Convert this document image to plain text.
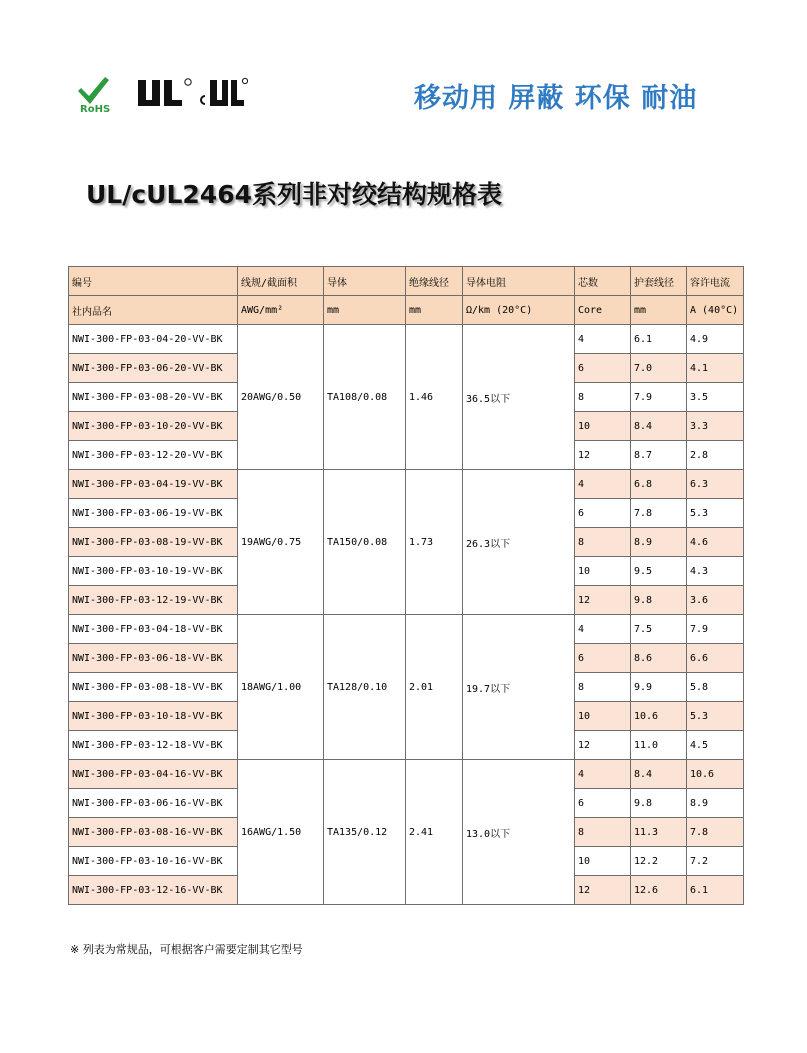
RoHS	移动用 屏蔽 环保 耐油
UL/cUL2464系列非对绞结构规格表
编号	线规/截面积	导体	绝缘线径	导体电阻	芯数	护套线径	容许电流
社内品名	AWG/mm²	mm	mm	Ω/km (20°C)	Core	mm	A (40°C)
NWI-300-FP-03-04-20-VV-BK	20AWG/0.50	TA108/0.08	1.46	36.5以下	4	6.1	4.9
NWI-300-FP-03-06-20-VV-BK					6	7.0	4.1
NWI-300-FP-03-08-20-VV-BK					8	7.9	3.5
NWI-300-FP-03-10-20-VV-BK					10	8.4	3.3
NWI-300-FP-03-12-20-VV-BK					12	8.7	2.8
NWI-300-FP-03-04-19-VV-BK	19AWG/0.75	TA150/0.08	1.73	26.3以下	4	6.8	6.3
NWI-300-FP-03-06-19-VV-BK					6	7.8	5.3
NWI-300-FP-03-08-19-VV-BK					8	8.9	4.6
NWI-300-FP-03-10-19-VV-BK					10	9.5	4.3
NWI-300-FP-03-12-19-VV-BK					12	9.8	3.6
NWI-300-FP-03-04-18-VV-BK	18AWG/1.00	TA128/0.10	2.01	19.7以下	4	7.5	7.9
NWI-300-FP-03-06-18-VV-BK					6	8.6	6.6
NWI-300-FP-03-08-18-VV-BK					8	9.9	5.8
NWI-300-FP-03-10-18-VV-BK					10	10.6	5.3
NWI-300-FP-03-12-18-VV-BK					12	11.0	4.5
NWI-300-FP-03-04-16-VV-BK	16AWG/1.50	TA135/0.12	2.41	13.0以下	4	8.4	10.6
NWI-300-FP-03-06-16-VV-BK					6	9.8	8.9
NWI-300-FP-03-08-16-VV-BK					8	11.3	7.8
NWI-300-FP-03-10-16-VV-BK					10	12.2	7.2
NWI-300-FP-03-12-16-VV-BK					12	12.6	6.1
※ 列表为常规品，可根据客户需要定制其它型号
